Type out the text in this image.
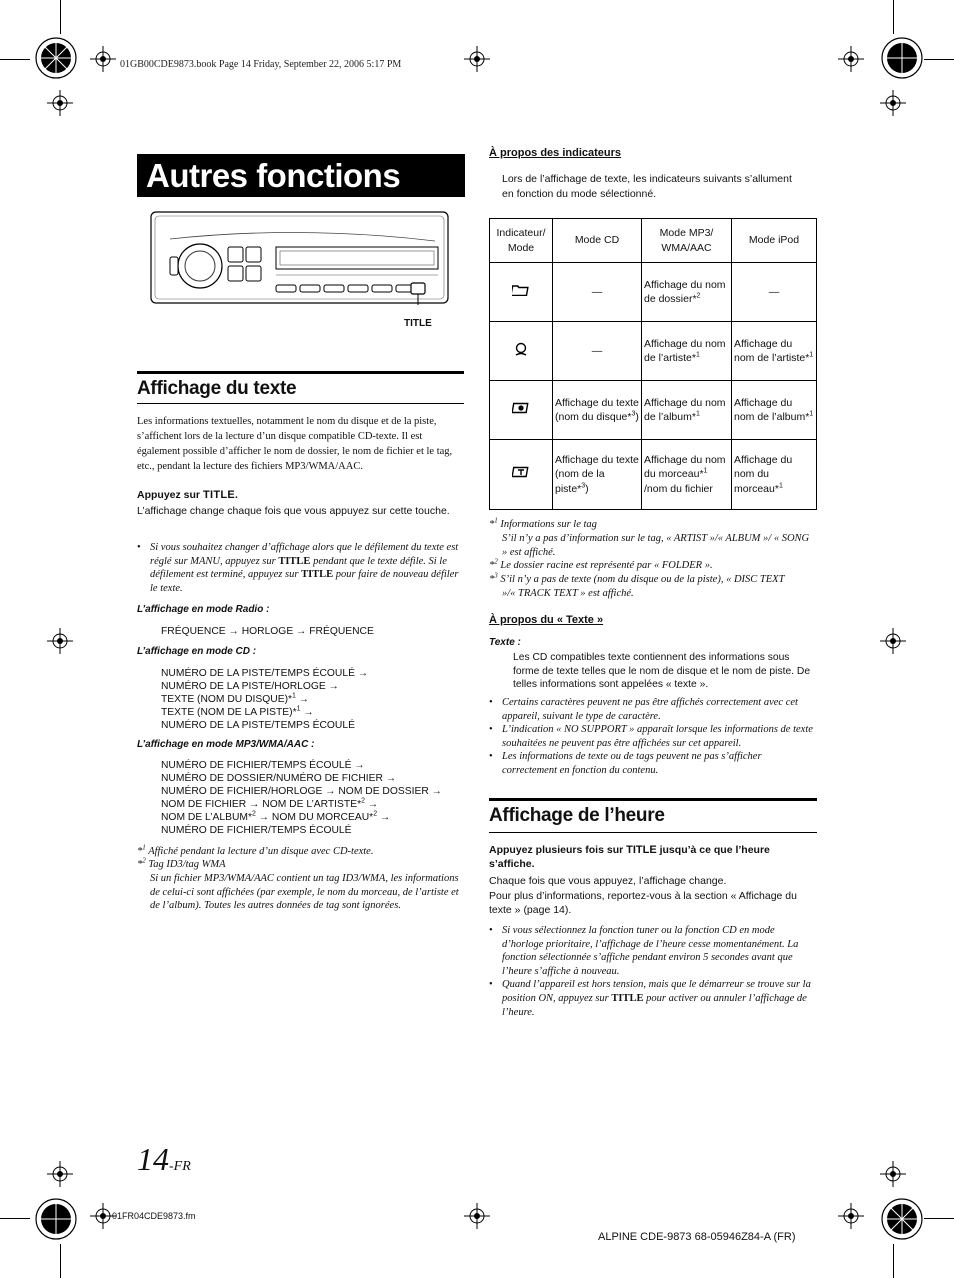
01GB00CDE9873.book Page 14 Friday, September 22, 2006 5:17 PM
Autres fonctions
TITLE
Affichage du texte
Les informations textuelles, notamment le nom du disque et de la piste, s’affichent lors de la lecture d’un disque compatible CD-texte. Il est également possible d’afficher le nom de dossier, le nom de fichier et le tag, etc., pendant la lecture des fichiers MP3/WMA/AAC.
Appuyez sur TITLE.
L’affichage change chaque fois que vous appuyez sur cette touche.
• Si vous souhaitez changer d’affichage alors que le défilement du texte est réglé sur MANU, appuyez sur TITLE pendant que le texte défile. Si le défilement est terminé, appuyez sur TITLE pour faire de nouveau défiler le texte.
L’affichage en mode Radio :
FRÉQUENCE → HORLOGE → FRÉQUENCE
L’affichage en mode CD :
NUMÉRO DE LA PISTE/TEMPS ÉCOULÉ →
NUMÉRO DE LA PISTE/HORLOGE →
TEXTE (NOM DU DISQUE)*$^1$ →
TEXTE (NOM DE LA PISTE)*$^1$ →
NUMÉRO DE LA PISTE/TEMPS ÉCOULÉ
L’affichage en mode MP3/WMA/AAC :
NUMÉRO DE FICHIER/TEMPS ÉCOULÉ →
NUMÉRO DE DOSSIER/NUMÉRO DE FICHIER →
NUMÉRO DE FICHIER/HORLOGE → NOM DE DOSSIER →
NOM DE FICHIER → NOM DE L’ARTISTE*$^2$ →
NOM DE L’ALBUM*$^2$ → NOM DU MORCEAU*$^2$ →
NUMÉRO DE FICHIER/TEMPS ÉCOULÉ
*$^1$ Affiché pendant la lecture d’un disque avec CD-texte.
*$^2$ Tag ID3/tag WMA
Si un fichier MP3/WMA/AAC contient un tag ID3/WMA, les informations de celui-ci sont affichées (par exemple, le nom du morceau, de l’artiste et de l’album). Toutes les autres données de tag sont ignorées.
À propos des indicateurs
Lors de l’affichage de texte, les indicateurs suivants s’allument en fonction du mode sélectionné.
Indicateur/ Mode	Mode CD	Mode MP3/ WMA/AAC	Mode iPod
	—	Affichage du nom de dossier*$^2$	—
	—	Affichage du nom de l’artiste*$^1$	Affichage du nom de l’artiste*$^1$
	Affichage du texte (nom du disque*$^3$)	Affichage du nom de l’album*$^1$	Affichage du nom de l’album*$^1$
	Affichage du texte (nom de la piste*$^3$)	Affichage du nom du morceau*$^1$ /nom du fichier	Affichage du nom du morceau*$^1$
*$^1$ Informations sur le tag
S’il n’y a pas d’information sur le tag, « ARTIST »/« ALBUM »/ « SONG » est affiché.
*$^2$ Le dossier racine est représenté par « FOLDER ».
*$^3$ S’il n’y a pas de texte (nom du disque ou de la piste), « DISC TEXT »/« TRACK TEXT » est affiché.
À propos du « Texte »
Texte :
Les CD compatibles texte contiennent des informations sous forme de texte telles que le nom de disque et le nom de piste. De telles informations sont appelées « texte ».
• Certains caractères peuvent ne pas être affichés correctement avec cet appareil, suivant le type de caractère.
• L’indication « NO SUPPORT » apparaît lorsque les informations de texte souhaitées ne peuvent pas être affichées sur cet appareil.
• Les informations de texte ou de tags peuvent ne pas s’afficher correctement en fonction du contenu.
Affichage de l’heure
Appuyez plusieurs fois sur TITLE jusqu’à ce que l’heure s’affiche.
Chaque fois que vous appuyez, l’affichage change.
Pour plus d’informations, reportez-vous à la section « Affichage du texte » (page 14).
• Si vous sélectionnez la fonction tuner ou la fonction CD en mode d’horloge prioritaire, l’affichage de l’heure cesse momentanément. La fonction sélectionnée s’affiche pendant environ 5 secondes avant que l’heure s’affiche à nouveau.
• Quand l’appareil est hors tension, mais que le démarreur se trouve sur la position ON, appuyez sur TITLE pour activer ou annuler l’affichage de l’heure.
14-FR
01FR04CDE9873.fm
ALPINE CDE-9873 68-05946Z84-A (FR)
